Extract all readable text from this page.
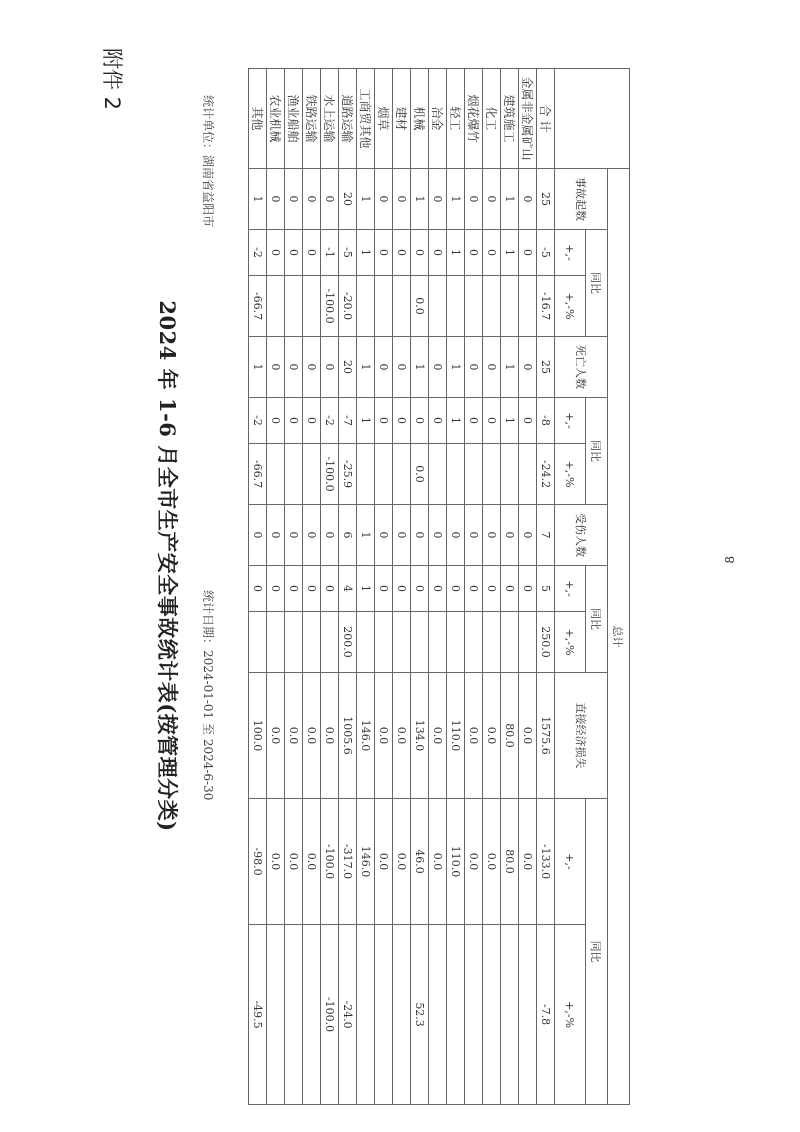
附件 2
2024 年 1-6 月全市生产安全事故统计表(按管理分类)
统计单位：湖南省益阳市
统计日期：2024-01-01 至 2024-6-30
		总计											
	事故起数	同比		死亡人数	同比		受伤人数	同比		直接经济损失	同比	
		+,-	+,-%		+,-	+,-%		+,-	+,-%		+,-	+,-%
合 计	25	-5	-16.7	25	-8	-24.2	7	5	250.0	1575.6	-133.0	-7.8
金属非金属矿山	0	0		0	0		0	0		0.0	0.0	
建筑施工	1	1		1	1		0	0		80.0	80.0	
化工	0	0		0	0		0	0		0.0	0.0	
烟花爆竹	0	0		0	0		0	0		0.0	0.0	
轻工	1	1		1	1		0	0		110.0	110.0	
冶金	0	0		0	0		0	0		0.0	0.0	
机械	1	0	0.0	1	0	0.0	0	0		134.0	46.0	52.3
建材	0	0		0	0		0	0		0.0	0.0	
烟草	0	0		0	0		0	0		0.0	0.0	
工商贸其他	1	1		1	1		1	1		146.0	146.0	
道路运输	20	-5	-20.0	20	-7	-25.9	6	4	200.0	1005.6	-317.0	-24.0
水上运输	0	-1	-100.0	0	-2	-100.0	0	0		0.0	-100.0	-100.0
铁路运输	0	0		0	0		0	0		0.0	0.0	
渔业船舶	0	0		0	0		0	0		0.0	0.0	
农业机械	0	0		0	0		0	0		0.0	0.0	
其他	1	-2	-66.7	1	-2	-66.7	0	0		100.0	-98.0	-49.5
8
